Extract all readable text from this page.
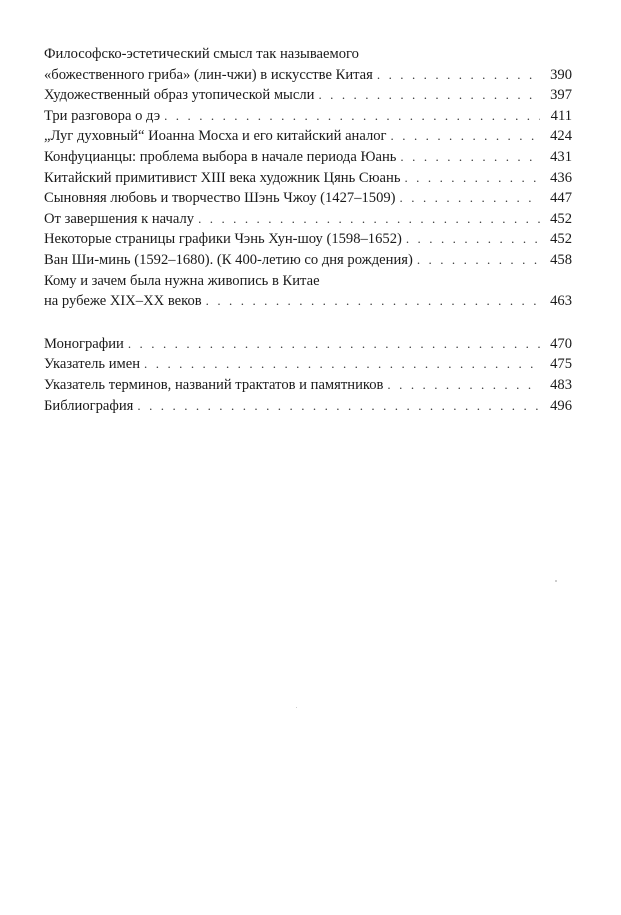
Философско-эстетический смысл так называемого
«божественного гриба» (лин-чжи) в искусстве Китая . . .	390
Художественный образ утопической мысли . . .	397
Три разговора о дэ . . .	411
„Луг духовный“ Иоанна Мосха и его китайский аналог . . .	424
Конфуцианцы: проблема выбора в начале периода Юань . . .	431
Китайский примитивист XIII века художник Цянь Сюань . . .	436
Сыновняя любовь и творчество Шэнь Чжоу (1427–1509) . . .	447
От завершения к началу . . .	452
Некоторые страницы графики Чэнь Хун-шоу (1598–1652) . . .	452
Ван Ши-минь (1592–1680). (К 400-летию со дня рождения) . . .	458
Кому и зачем была нужна живопись в Китае
на рубеже XIX–XX веков . . .	463
Монографии . . .	470
Указатель имен . . .	475
Указатель терминов, названий трактатов и памятников . . .	483
Библиография . . .	496
